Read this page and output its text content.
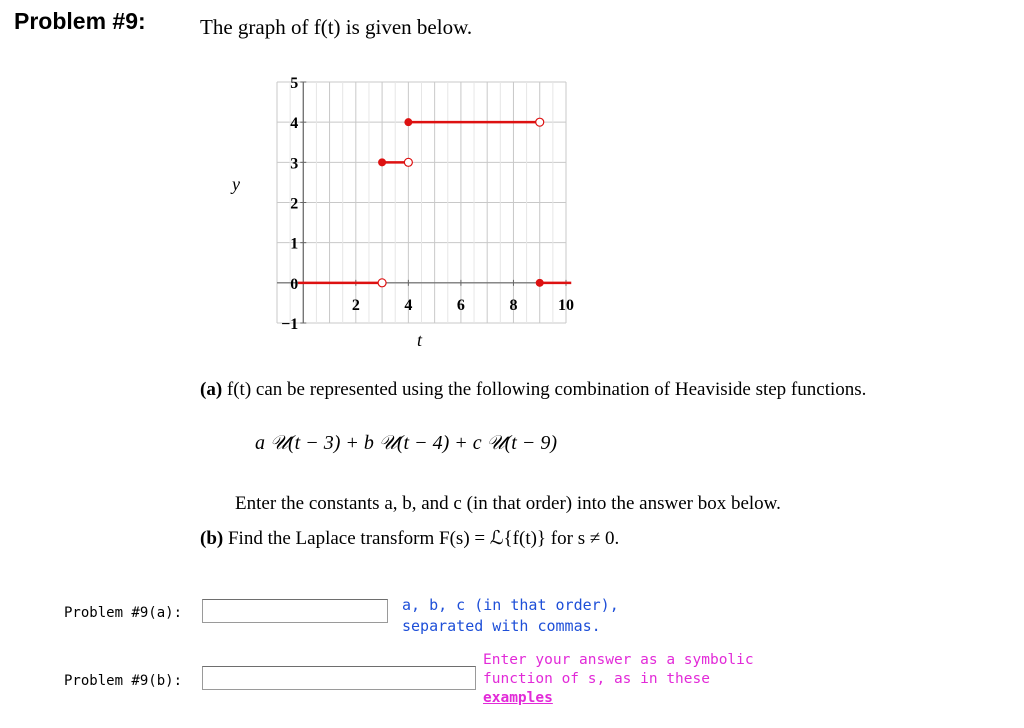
Problem #9:	The graph of f(t) is given below.
−1
0
1
2
3
4
5
2	4	6	8	10
y
t
(a) f(t) can be represented using the following combination of Heaviside step functions.
a 𝒰(t − 3) + b 𝒰(t − 4) + c 𝒰(t − 9)
Enter the constants a, b, and c (in that order) into the answer box below.
(b) Find the Laplace transform F(s) = ℒ{f(t)} for s ≠ 0.
Problem #9(a):	a, b, c (in that order),
separated with commas.
Problem #9(b):
Enter your answer as a symbolic
function of s, as in these
examples
